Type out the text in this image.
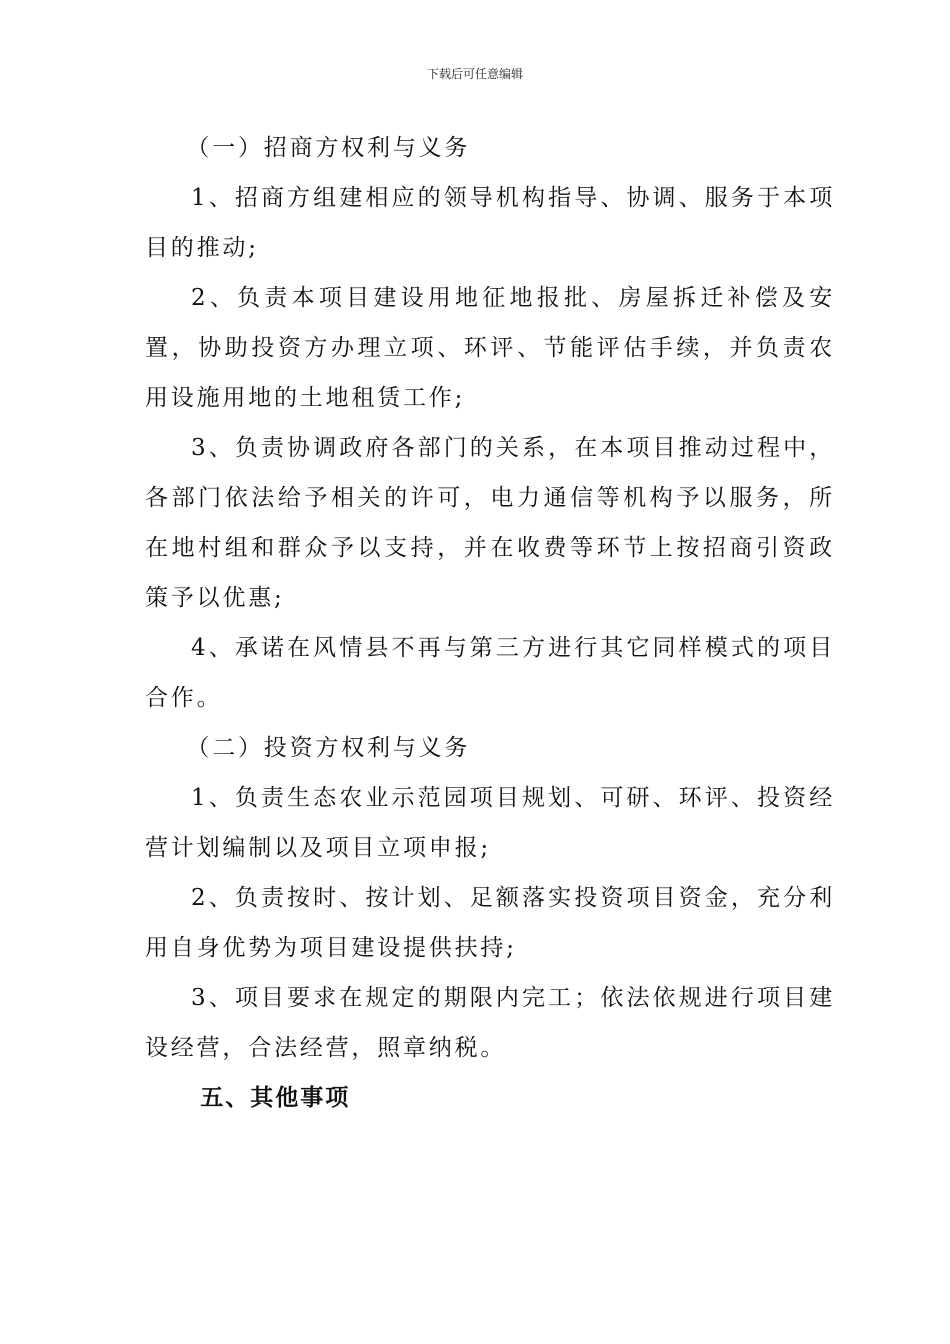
下载后可任意编辑

（一）招商方权利与义务

1、招商方组建相应的领导机构指导、协调、服务于本项目的推动;

2、负责本项目建设用地征地报批、房屋拆迁补偿及安置，协助投资方办理立项、环评、节能评估手续，并负责农用设施用地的土地租赁工作;

3、负责协调政府各部门的关系，在本项目推动过程中，各部门依法给予相关的许可，电力通信等机构予以服务，所在地村组和群众予以支持，并在收费等环节上按招商引资政策予以优惠;

4、承诺在风情县不再与第三方进行其它同样模式的项目合作。

（二）投资方权利与义务

1、负责生态农业示范园项目规划、可研、环评、投资经营计划编制以及项目立项申报;

2、负责按时、按计划、足额落实投资项目资金，充分利用自身优势为项目建设提供扶持;

3、项目要求在规定的期限内完工；依法依规进行项目建设经营，合法经营，照章纳税。

五、其他事项
